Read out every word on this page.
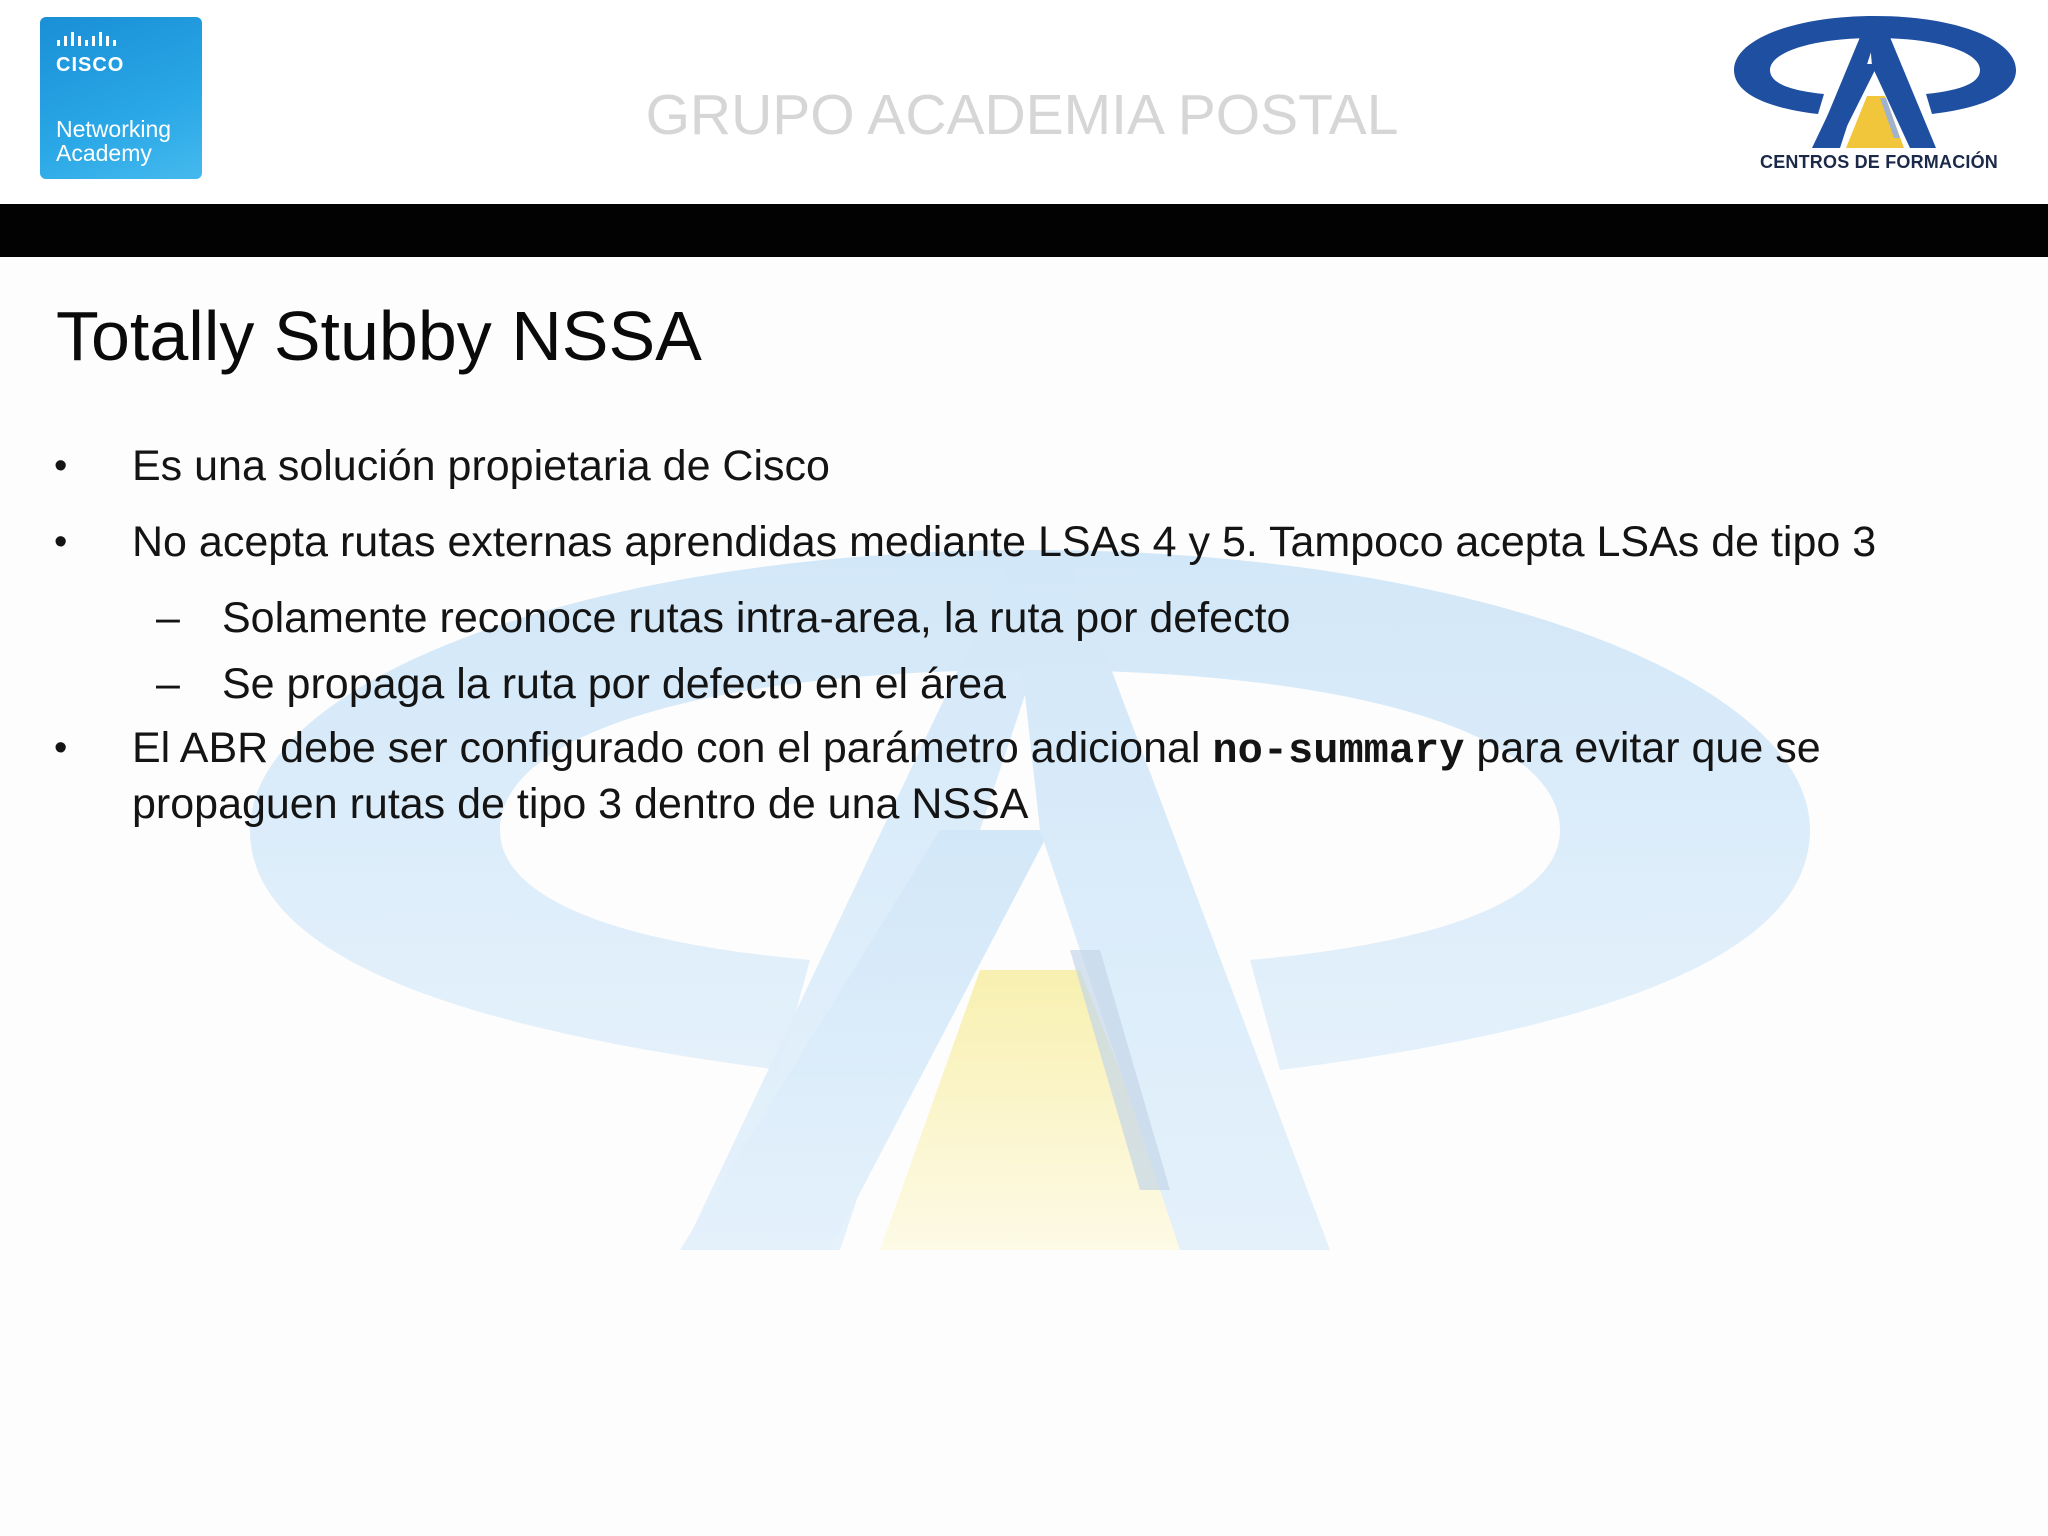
CISCO
Networking
Academy
GRUPO ACADEMIA POSTAL
CENTROS DE FORMACIÓN
Totally Stubby NSSA
• Es una solución propietaria de Cisco
• No acepta rutas externas aprendidas mediante LSAs 4 y 5. Tampoco acepta LSAs de tipo 3
– Solamente reconoce rutas intra-area, la ruta por defecto
– Se propaga la ruta por defecto en el área
• El ABR debe ser configurado con el parámetro adicional no-summary para evitar que se
propaguen rutas de tipo 3 dentro de una NSSA
